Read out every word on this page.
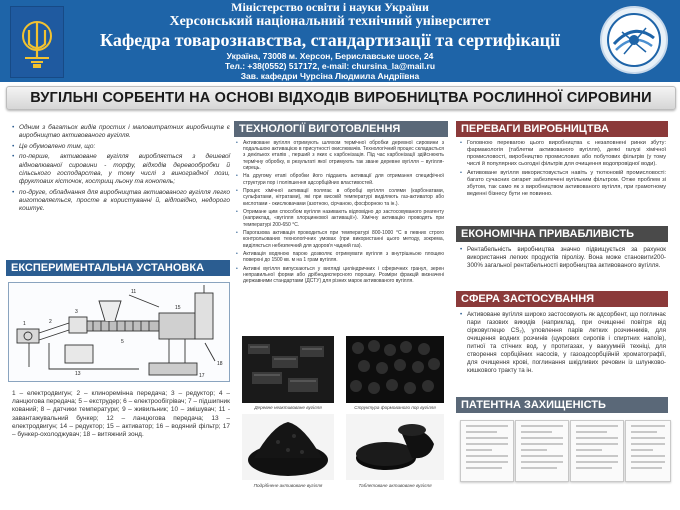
Міністерство освіти і науки України
Херсонський національний технічний університет
Кафедра товарознавства, стандартизації та сертифікації
Україна, 73008 м. Херсон, Бериславське шосе, 24
Тел.: +38(0552) 517172, e-mail: chursina_la@mail.ru
Зав. кафедри Чурсіна Людмила Андріївна
ВУГІЛЬНІ СОРБЕНТИ НА ОСНОВІ ВІДХОДІВ ВИРОБНИЦТВА РОСЛИННОЇ СИРОВИНИ
• Одним з багатьох видів простих і маловитратних виробництв є виробництво активованого вугілля.
• Це обумовлено тим, що:
• по-перше, активоване вугілля виробляється з дешевої відновлюваної сировини - торфу, відходів деревообробки й сільського господарства, у тому числі з виноградної лози, фруктових кісточок, кострищ льону та конопель;
• по-друге, обладнання для виробництва активованого вугілля легко виготовляється, просте в користуванні й, відповідно, недорого коштує.
ЕКСПЕРИМЕНТАЛЬНА УСТАНОВКА
1	2
3
5
11
15
18
17
13
1 – електродвигун; 2 – клиноремінна передача; 3 – редуктор; 4 – ланцюгова передача; 5 – екструдер; 6 – електрообігрівач; 7 – підшипник кований; 8 – датчики температури; 9 – живильник; 10 – змішувач; 11 - завантажувальний бункер; 12 – ланцюгова передача; 13 – електродвигун; 14 – редуктор; 15 – активатор; 16 – водяний фільтр; 17 – бункер-охолоджувач; 18 – витяжний зонд.
ТЕХНОЛОГІЇ ВИГОТОВЛЕННЯ
• Активоване вугілля отримують шляхом термічної обробки деревної сировини з подальшою активацією в присутності окислювачів. Технологічний процес складається з декількох етапів , перший з яких є карбонізація. Під час карбонізації здійснюють термічну обробку, в результаті якої отримують так зване деревне вугілля – вугілля-сирець.
• На другому етапі обробки його піддають активації для отримання специфічної структури пор і поліпшення адсорбційних властивостей.
• Процес хімічної активації полягає в обробці вугілля солями (карбонатами, сульфатами, нітратами), які при високій температурі виділяють газ-активатор або кислотами - окислювачами (азотною, сірчаною, фосфорною та ін.).
• Отримане цим способом вугілля називають відповідно до застосовуваного реагенту (наприклад, «вугілля хлорцинкової активації»). Хімічну активацію проводять при температурі 200-650 °С.
• Парогазова активація проводиться при температурі 800-1000 °С в певних строго контрольованих технологічних умовах (при використанні цього методу, зокрема, виділяється небезпечний для здоров'я чадний газ).
• Активація водяною парою дозволяє отримувати вугілля з внутрішньою площею поверхні до 1500 кв. м на 1 грам вугілля.
• Активні вугілля випускаються у вигляді циліндричних і сферичних гранул, зерен неправильної форми або дрібнодисперсного порошку. Розміри фракцій визначені державними стандартами (ДСТУ) для різних марок активованого вугілля.
Деревне неактивоване вугілля	Структура формованого пор вугілля
Подрібнене активоване вугілля	Таблетоване активоване вугілля
ПЕРЕВАГИ ВИРОБНИЦТВА
• Головною перевагою цього виробництва є незаповнені ринки збуту: фармакологія (таблетки активованого вугілля), деякі галузі хімічної промисловості, виробництво промислових або побутових фільтрів (у тому числі й популярних сьогодні фільтрів для очищення водопровідної води).
• Активоване вугілля використовується навіть у тютюновій промисловості: багато сучасних сигарет забезпечені вугільним фільтром. Отже проблем зі збутом, так само як з виробництвом активованого вугілля, при грамотному веденні бізнесу бути не повинно.
ЕКОНОМІЧНА ПРИВАБЛИВІСТЬ
• Рентабельність виробництва значно підвищується за рахунок використання легких продуктів піролізу. Вона може становити200-300% загальної рентабельності виробництва активованого вугілля.
СФЕРА ЗАСТОСУВАННЯ
• Активоване вугілля широко застосовують як адсорбент, що поглинає пари газових викидів (наприклад, при очищенні повітря від сірковуглецю CS₂), уловлення парів летких розчинників, для очищення водних розчинів (цукрових сиропів і спиртних напоїв), питної та стічних вод, у протигазах, у вакуумній техніці, для створення сорбційних насосів, у газоадсорбційній хроматографії, для очищення крові, поглинання шкідливих речовин із шлунково-кишкового тракту та ін.
ПАТЕНТНА ЗАХИЩЕНІСТЬ
